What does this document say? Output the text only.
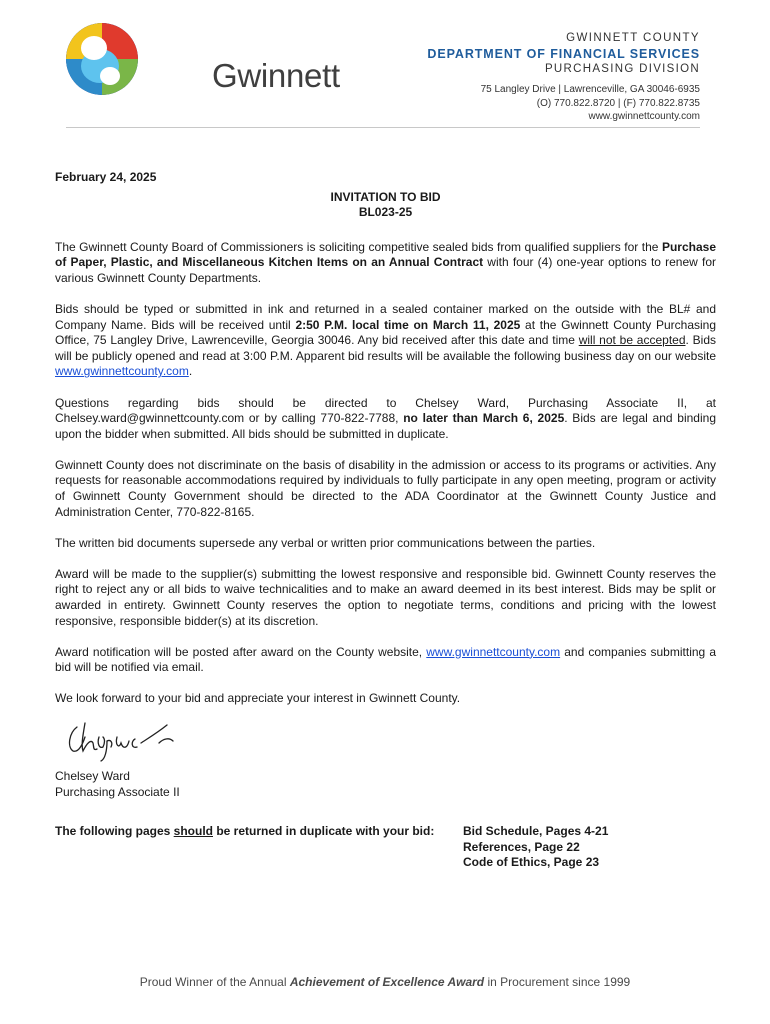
Gwinnett
GWINNETT COUNTY
DEPARTMENT OF FINANCIAL SERVICES
PURCHASING DIVISION
75 Langley Drive | Lawrenceville, GA 30046-6935
(O) 770.822.8720 | (F) 770.822.8735
www.gwinnettcounty.com
February 24, 2025
INVITATION TO BID
BL023-25

The Gwinnett County Board of Commissioners is soliciting competitive sealed bids from qualified suppliers for the Purchase of Paper, Plastic, and Miscellaneous Kitchen Items on an Annual Contract with four (4) one-year options to renew for various Gwinnett County Departments.

Bids should be typed or submitted in ink and returned in a sealed container marked on the outside with the BL# and Company Name. Bids will be received until 2:50 P.M. local time on March 11, 2025 at the Gwinnett County Purchasing Office, 75 Langley Drive, Lawrenceville, Georgia 30046. Any bid received after this date and time will not be accepted. Bids will be publicly opened and read at 3:00 P.M. Apparent bid results will be available the following business day on our website www.gwinnettcounty.com.

Questions regarding bids should be directed to Chelsey Ward, Purchasing Associate II, at Chelsey.ward@gwinnettcounty.com or by calling 770-822-7788, no later than March 6, 2025. Bids are legal and binding upon the bidder when submitted. All bids should be submitted in duplicate.

Gwinnett County does not discriminate on the basis of disability in the admission or access to its programs or activities. Any requests for reasonable accommodations required by individuals to fully participate in any open meeting, program or activity of Gwinnett County Government should be directed to the ADA Coordinator at the Gwinnett County Justice and Administration Center, 770-822-8165.

The written bid documents supersede any verbal or written prior communications between the parties.

Award will be made to the supplier(s) submitting the lowest responsive and responsible bid. Gwinnett County reserves the right to reject any or all bids to waive technicalities and to make an award deemed in its best interest. Bids may be split or awarded in entirety. Gwinnett County reserves the option to negotiate terms, conditions and pricing with the lowest responsive, responsible bidder(s) at its discretion.

Award notification will be posted after award on the County website, www.gwinnettcounty.com and companies submitting a bid will be notified via email.

We look forward to your bid and appreciate your interest in Gwinnett County.

Chelsey Ward
Purchasing Associate II
The following pages should be returned in duplicate with your bid: Bid Schedule, Pages 4-21
References, Page 22
Code of Ethics, Page 23
Proud Winner of the Annual Achievement of Excellence Award in Procurement since 1999
